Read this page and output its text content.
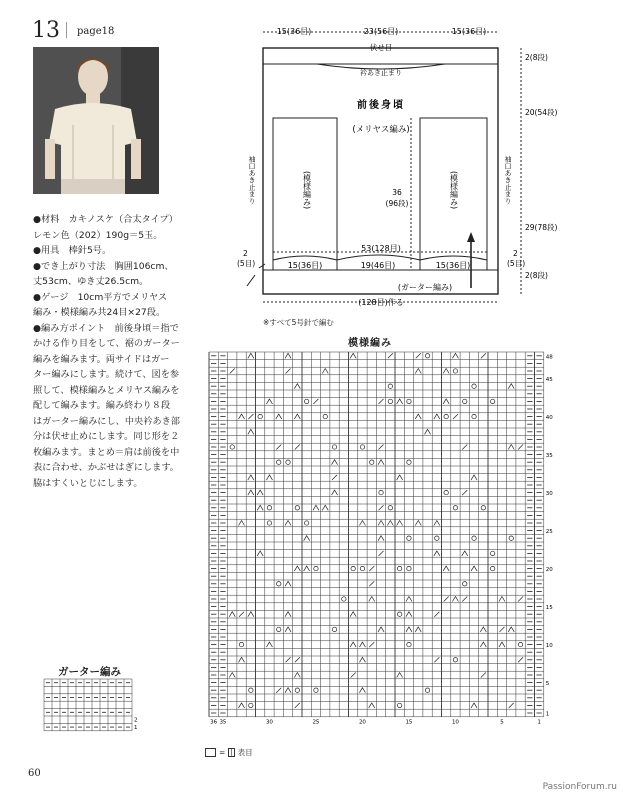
13 page18

●材料　カキノスケ（合太タイプ）

レモン色（202）190g＝5玉。

●用具　棒針5号。

●でき上がり寸法　胸囲106cm、

丈53cm、ゆき丈26.5cm。

●ゲージ　10cm平方でメリヤス

編み・模様編み共24目×27段。

●編み方ポイント　前後身頃＝指で

かける作り目をして、裾のガーター

編みを編みます。両サイドはガー

ター編みにします。続けて、図を参

照して、模様編みとメリヤス編みを

配して編みます。編み終わり８段

はガーター編みにし、中央衿あき部

分は伏せ止めにします。同じ形を２

枚編みます。まとめ＝肩は前後を中

表に合わせ、かぶせはぎにします。

脇はすくいとじにします。

15(36目)	23(56目)	15(36目)
伏せ目
衿あき止まり
前後身頃
(メリヤス編み)
(模様編み)	(模様編み)
袖口あき止まり	袖口あき止まり
2(8段)
20(54段)
29(78段)
2(8段)
36
(96段)
53(128目)
15(36目)	19(46目)	15(36目)
2
(5目)
2
(5目)
(ガーター編み)
(128目)作る
※すべて5号針で編む
模様編み
1
5
10
15
20
25
30
35
40
45
48
36 35	30	25	20	15	10	5	1
= | 表目
ガーター編み
2
1
60
PassionForum.ru
